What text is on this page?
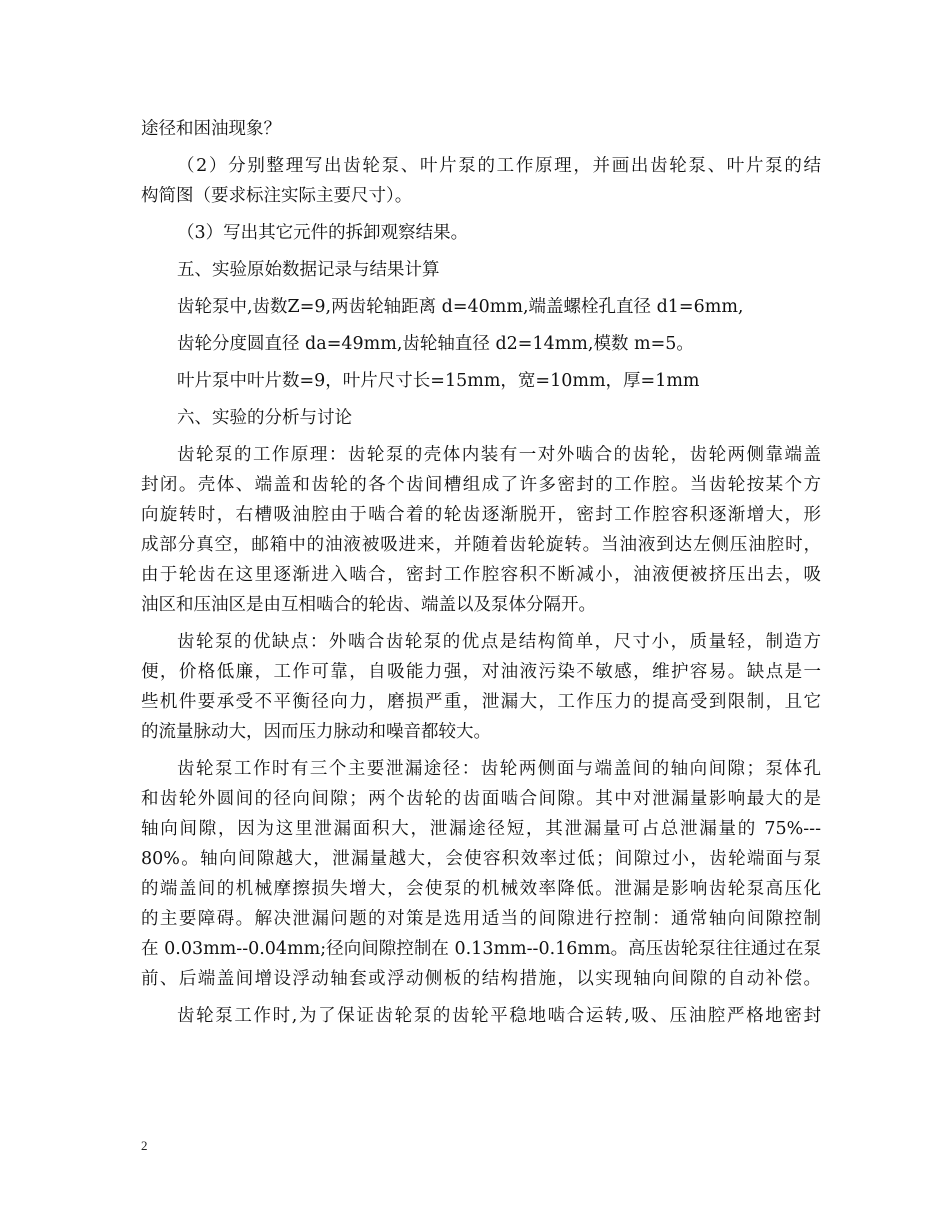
途径和困油现象？
（2）分别整理写出齿轮泵、叶片泵的工作原理，并画出齿轮泵、叶片泵的结
构简图（要求标注实际主要尺寸）。
（3）写出其它元件的拆卸观察结果。
五、实验原始数据记录与结果计算
齿轮泵中,齿数Z=9,两齿轮轴距离 d=40mm,端盖螺栓孔直径 d1=6mm,
齿轮分度圆直径 da=49mm,齿轮轴直径 d2=14mm,模数 m=5。
叶片泵中叶片数=9，叶片尺寸长=15mm，宽=10mm，厚=1mm
六、实验的分析与讨论
齿轮泵的工作原理：齿轮泵的壳体内装有一对外啮合的齿轮，齿轮两侧靠端盖
封闭。壳体、端盖和齿轮的各个齿间槽组成了许多密封的工作腔。当齿轮按某个方
向旋转时，右槽吸油腔由于啮合着的轮齿逐渐脱开，密封工作腔容积逐渐增大，形
成部分真空，邮箱中的油液被吸进来，并随着齿轮旋转。当油液到达左侧压油腔时，
由于轮齿在这里逐渐进入啮合，密封工作腔容积不断减小，油液便被挤压出去，吸
油区和压油区是由互相啮合的轮齿、端盖以及泵体分隔开。
齿轮泵的优缺点：外啮合齿轮泵的优点是结构简单，尺寸小，质量轻，制造方
便，价格低廉，工作可靠，自吸能力强，对油液污染不敏感，维护容易。缺点是一
些机件要承受不平衡径向力，磨损严重，泄漏大，工作压力的提高受到限制，且它
的流量脉动大，因而压力脉动和噪音都较大。
齿轮泵工作时有三个主要泄漏途径：齿轮两侧面与端盖间的轴向间隙；泵体孔
和齿轮外圆间的径向间隙；两个齿轮的齿面啮合间隙。其中对泄漏量影响最大的是
轴向间隙，因为这里泄漏面积大，泄漏途径短，其泄漏量可占总泄漏量的 75%---
80%。轴向间隙越大，泄漏量越大，会使容积效率过低；间隙过小，齿轮端面与泵
的端盖间的机械摩擦损失增大，会使泵的机械效率降低。泄漏是影响齿轮泵高压化
的主要障碍。解决泄漏问题的对策是选用适当的间隙进行控制：通常轴向间隙控制
在 0.03mm--0.04mm;径向间隙控制在 0.13mm--0.16mm。高压齿轮泵往往通过在泵
前、后端盖间增设浮动轴套或浮动侧板的结构措施，以实现轴向间隙的自动补偿。
齿轮泵工作时,为了保证齿轮泵的齿轮平稳地啮合运转,吸、压油腔严格地密封
2
